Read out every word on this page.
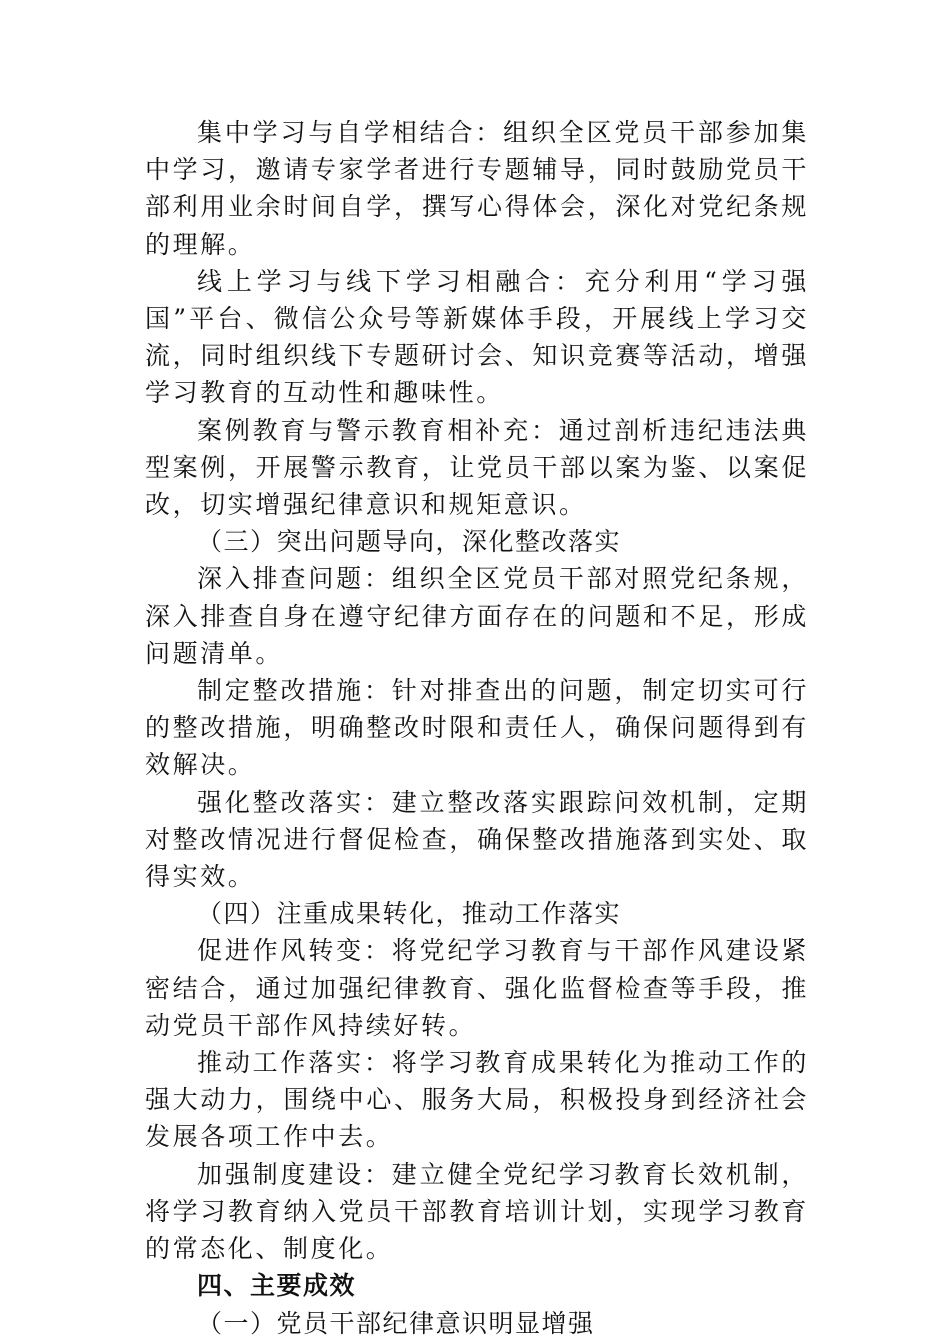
集中学习与自学相结合：组织全区党员干部参加集中学习，邀请专家学者进行专题辅导，同时鼓励党员干部利用业余时间自学，撰写心得体会，深化对党纪条规的理解。

线上学习与线下学习相融合：充分利用“学习强国”平台、微信公众号等新媒体手段，开展线上学习交流，同时组织线下专题研讨会、知识竞赛等活动，增强学习教育的互动性和趣味性。

案例教育与警示教育相补充：通过剖析违纪违法典型案例，开展警示教育，让党员干部以案为鉴、以案促改，切实增强纪律意识和规矩意识。

（三）突出问题导向，深化整改落实

深入排查问题：组织全区党员干部对照党纪条规，深入排查自身在遵守纪律方面存在的问题和不足，形成问题清单。

制定整改措施：针对排查出的问题，制定切实可行的整改措施，明确整改时限和责任人，确保问题得到有效解决。

强化整改落实：建立整改落实跟踪问效机制，定期对整改情况进行督促检查，确保整改措施落到实处、取得实效。

（四）注重成果转化，推动工作落实

促进作风转变：将党纪学习教育与干部作风建设紧密结合，通过加强纪律教育、强化监督检查等手段，推动党员干部作风持续好转。

推动工作落实：将学习教育成果转化为推动工作的强大动力，围绕中心、服务大局，积极投身到经济社会发展各项工作中去。

加强制度建设：建立健全党纪学习教育长效机制，将学习教育纳入党员干部教育培训计划，实现学习教育的常态化、制度化。

四、主要成效

（一）党员干部纪律意识明显增强
